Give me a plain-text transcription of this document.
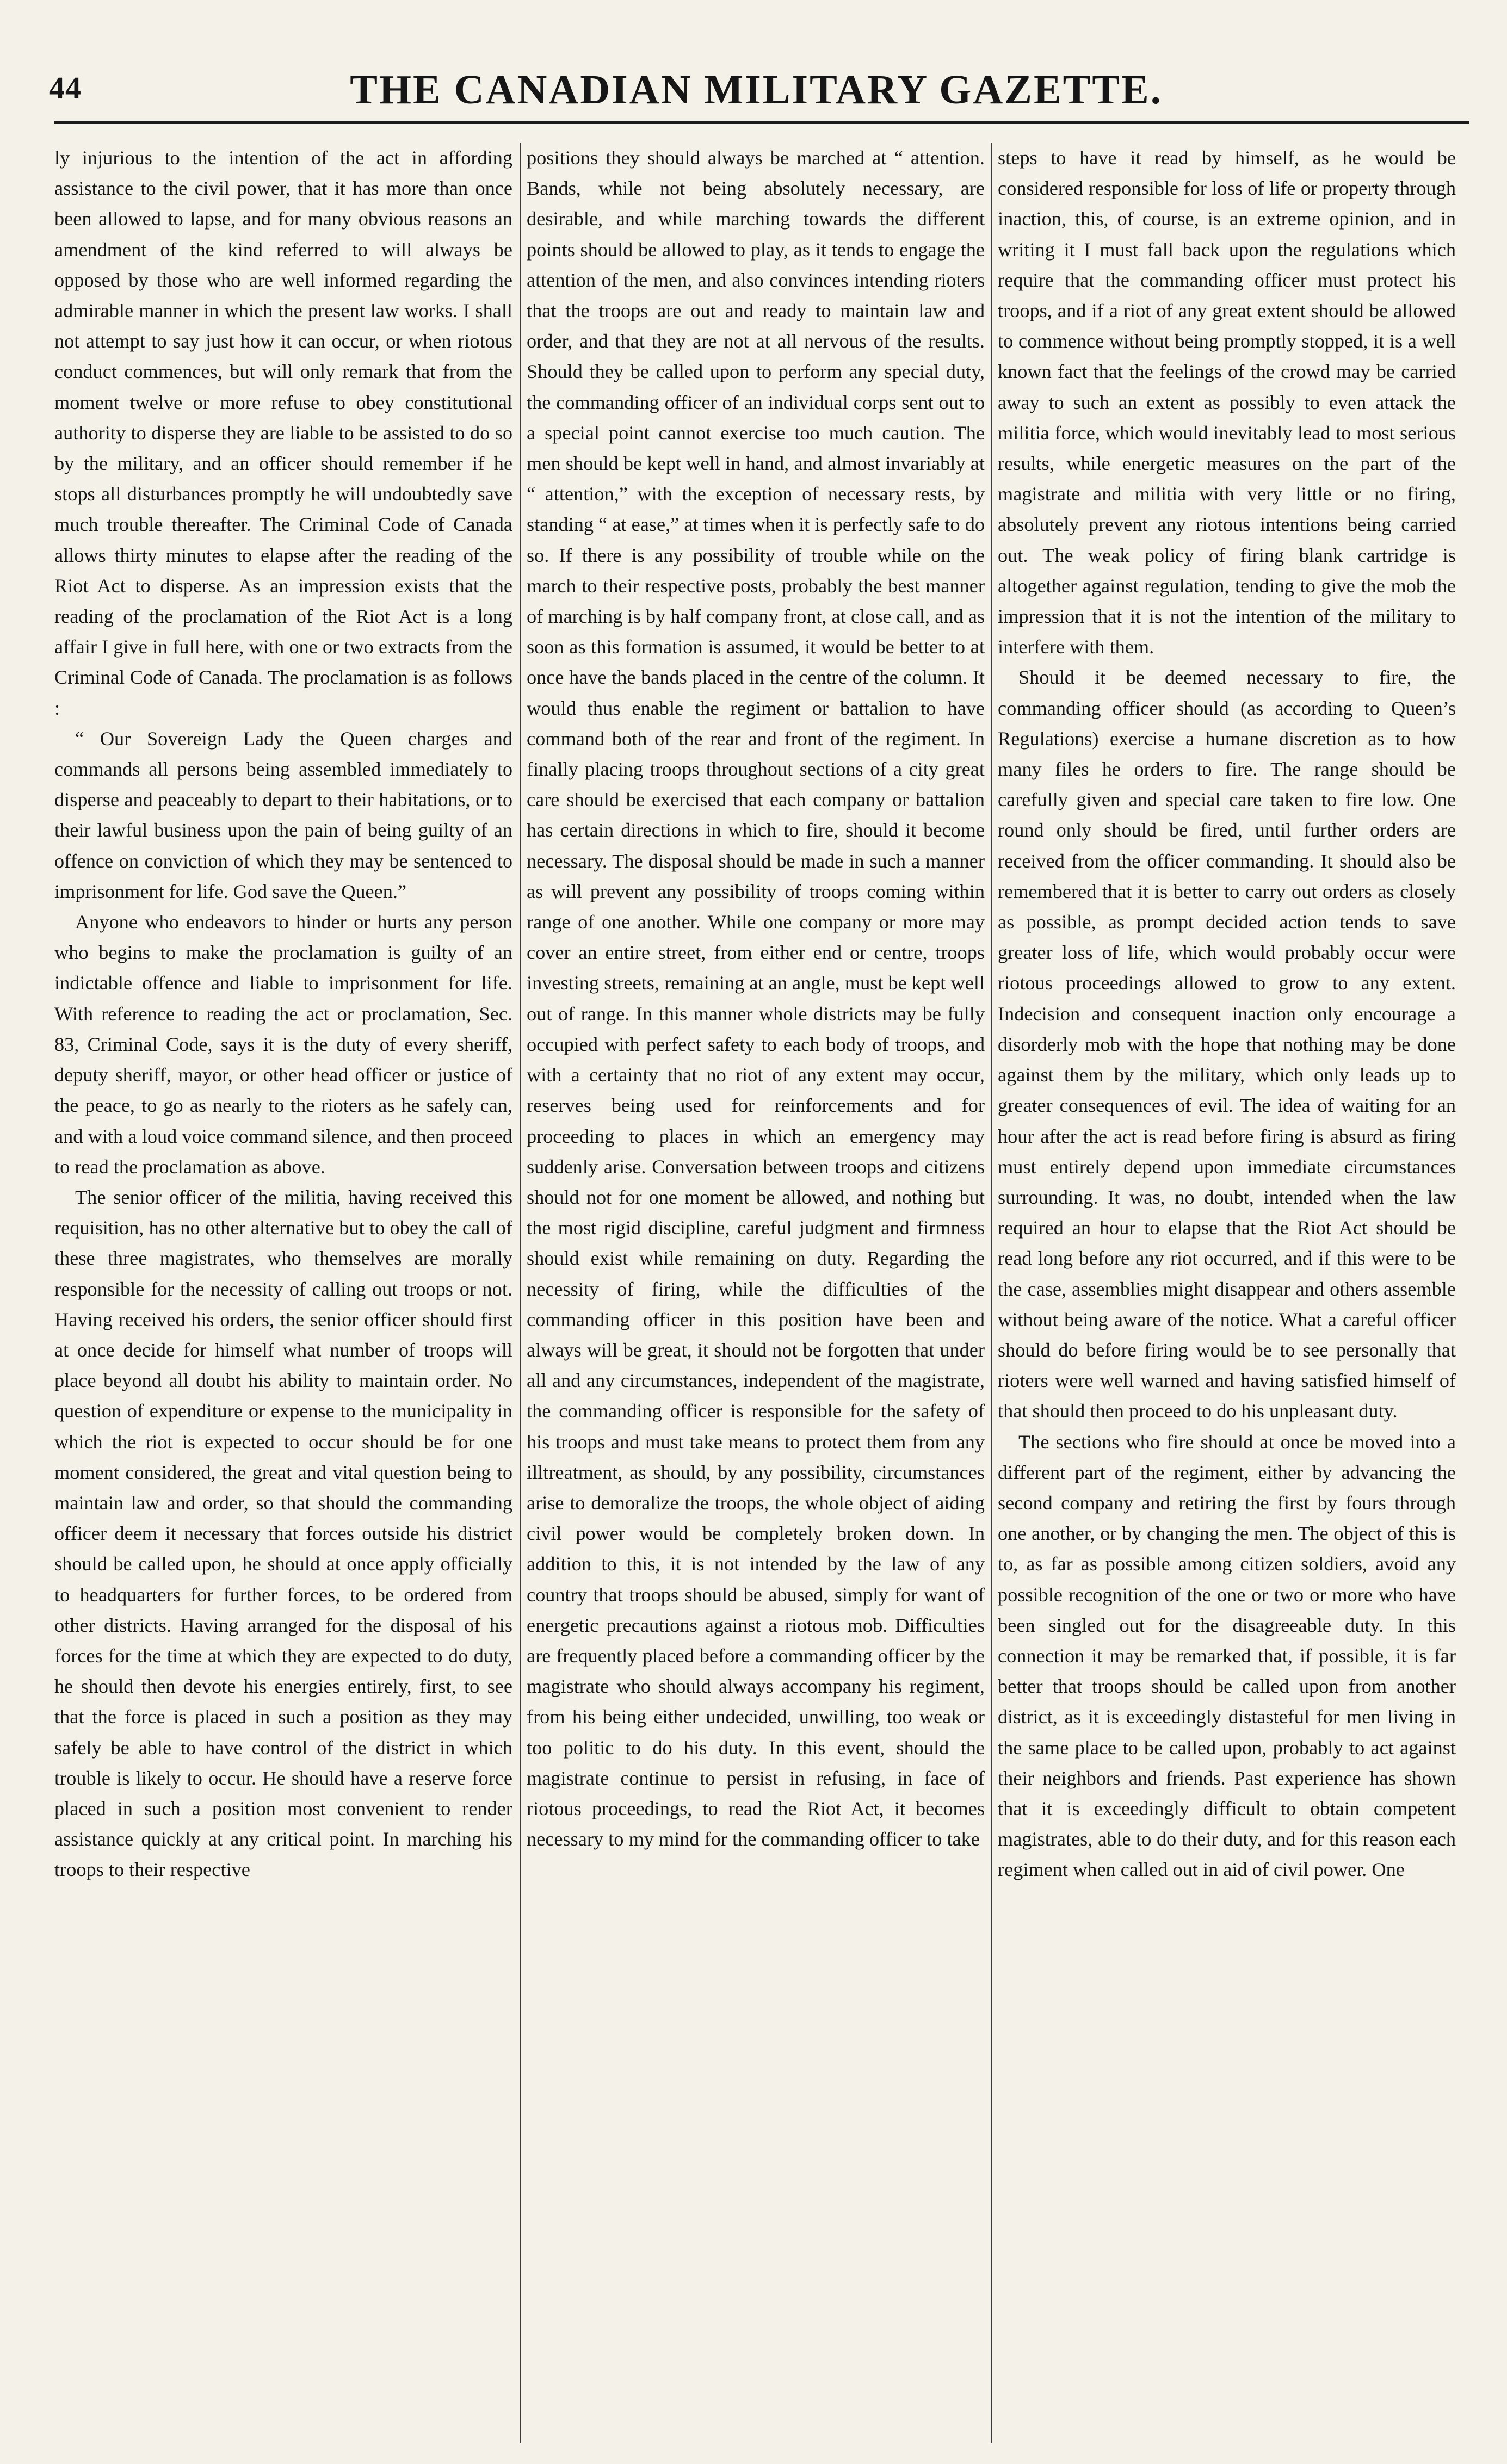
44	THE CANADIAN MILITARY GAZETTE.

ly injurious to the intention of the act in affording assistance to the civil power, that it has more than once been allowed to lapse, and for many obvious reasons an amendment of the kind referred to will always be opposed by those who are well informed regarding the admirable manner in which the present law works. I shall not attempt to say just how it can occur, or when riotous conduct commences, but will only remark that from the moment twelve or more refuse to obey constitutional authority to disperse they are liable to be assisted to do so by the military, and an officer should remember if he stops all disturbances promptly he will undoubtedly save much trouble thereafter. The Criminal Code of Canada allows thirty minutes to elapse after the reading of the Riot Act to disperse. As an impression exists that the reading of the proclamation of the Riot Act is a long affair I give in full here, with one or two extracts from the Criminal Code of Canada. The proclamation is as follows :

“ Our Sovereign Lady the Queen charges and commands all persons being assembled immediately to disperse and peaceably to depart to their habitations, or to their lawful business upon the pain of being guilty of an offence on conviction of which they may be sentenced to imprisonment for life. God save the Queen.”

Anyone who endeavors to hinder or hurts any person who begins to make the proclamation is guilty of an indictable offence and liable to imprisonment for life. With reference to reading the act or proclamation, Sec. 83, Criminal Code, says it is the duty of every sheriff, deputy sheriff, mayor, or other head officer or justice of the peace, to go as nearly to the rioters as he safely can, and with a loud voice command silence, and then proceed to read the proclamation as above.

The senior officer of the militia, having received this requisition, has no other alternative but to obey the call of these three magistrates, who themselves are morally responsible for the necessity of calling out troops or not. Having received his orders, the senior officer should first at once decide for himself what number of troops will place beyond all doubt his ability to maintain order. No question of expenditure or expense to the municipality in which the riot is expected to occur should be for one moment considered, the great and vital question being to maintain law and order, so that should the commanding officer deem it necessary that forces outside his district should be called upon, he should at once apply officially to headquarters for further forces, to be ordered from other districts. Having arranged for the disposal of his forces for the time at which they are expected to do duty, he should then devote his energies entirely, first, to see that the force is placed in such a position as they may safely be able to have control of the district in which trouble is likely to occur. He should have a reserve force placed in such a position most convenient to render assistance quickly at any critical point. In marching his troops to their respective

positions they should always be marched at “ attention. Bands, while not being absolutely necessary, are desirable, and while marching towards the different points should be allowed to play, as it tends to engage the attention of the men, and also convinces intending rioters that the troops are out and ready to maintain law and order, and that they are not at all nervous of the results. Should they be called upon to perform any special duty, the commanding officer of an individual corps sent out to a special point cannot exercise too much caution. The men should be kept well in hand, and almost invariably at “ attention,” with the exception of necessary rests, by standing “ at ease,” at times when it is perfectly safe to do so. If there is any possibility of trouble while on the march to their respective posts, probably the best manner of marching is by half company front, at close call, and as soon as this formation is assumed, it would be better to at once have the bands placed in the centre of the column. It would thus enable the regiment or battalion to have command both of the rear and front of the regiment. In finally placing troops throughout sections of a city great care should be exercised that each company or battalion has certain directions in which to fire, should it become necessary. The disposal should be made in such a manner as will prevent any possibility of troops coming within range of one another. While one company or more may cover an entire street, from either end or centre, troops investing streets, remaining at an angle, must be kept well out of range. In this manner whole districts may be fully occupied with perfect safety to each body of troops, and with a certainty that no riot of any extent may occur, reserves being used for reinforcements and for proceeding to places in which an emergency may suddenly arise. Conversation between troops and citizens should not for one moment be allowed, and nothing but the most rigid discipline, careful judgment and firmness should exist while remaining on duty. Regarding the necessity of firing, while the difficulties of the commanding officer in this position have been and always will be great, it should not be forgotten that under all and any circumstances, independent of the magistrate, the commanding officer is responsible for the safety of his troops and must take means to protect them from any illtreatment, as should, by any possibility, circumstances arise to demoralize the troops, the whole object of aiding civil power would be completely broken down. In addition to this, it is not intended by the law of any country that troops should be abused, simply for want of energetic precautions against a riotous mob. Difficulties are frequently placed before a commanding officer by the magistrate who should always accompany his regiment, from his being either undecided, unwilling, too weak or too politic to do his duty. In this event, should the magistrate continue to persist in refusing, in face of riotous proceedings, to read the Riot Act, it becomes necessary to my mind for the commanding officer to take

steps to have it read by himself, as he would be considered responsible for loss of life or property through inaction, this, of course, is an extreme opinion, and in writing it I must fall back upon the regulations which require that the commanding officer must protect his troops, and if a riot of any great extent should be allowed to commence without being promptly stopped, it is a well known fact that the feelings of the crowd may be carried away to such an extent as possibly to even attack the militia force, which would inevitably lead to most serious results, while energetic measures on the part of the magistrate and militia with very little or no firing, absolutely prevent any riotous intentions being carried out. The weak policy of firing blank cartridge is altogether against regulation, tending to give the mob the impression that it is not the intention of the military to interfere with them.

Should it be deemed necessary to fire, the commanding officer should (as according to Queen’s Regulations) exercise a humane discretion as to how many files he orders to fire. The range should be carefully given and special care taken to fire low. One round only should be fired, until further orders are received from the officer commanding. It should also be remembered that it is better to carry out orders as closely as possible, as prompt decided action tends to save greater loss of life, which would probably occur were riotous proceedings allowed to grow to any extent. Indecision and consequent inaction only encourage a disorderly mob with the hope that nothing may be done against them by the military, which only leads up to greater consequences of evil. The idea of waiting for an hour after the act is read before firing is absurd as firing must entirely depend upon immediate circumstances surrounding. It was, no doubt, intended when the law required an hour to elapse that the Riot Act should be read long before any riot occurred, and if this were to be the case, assemblies might disappear and others assemble without being aware of the notice. What a careful officer should do before firing would be to see personally that rioters were well warned and having satisfied himself of that should then proceed to do his unpleasant duty.

The sections who fire should at once be moved into a different part of the regiment, either by advancing the second company and retiring the first by fours through one another, or by changing the men. The object of this is to, as far as possible among citizen soldiers, avoid any possible recognition of the one or two or more who have been singled out for the disagreeable duty. In this connection it may be remarked that, if possible, it is far better that troops should be called upon from another district, as it is exceedingly distasteful for men living in the same place to be called upon, probably to act against their neighbors and friends. Past experience has shown that it is exceedingly difficult to obtain competent magistrates, able to do their duty, and for this reason each regiment when called out in aid of civil power. One
